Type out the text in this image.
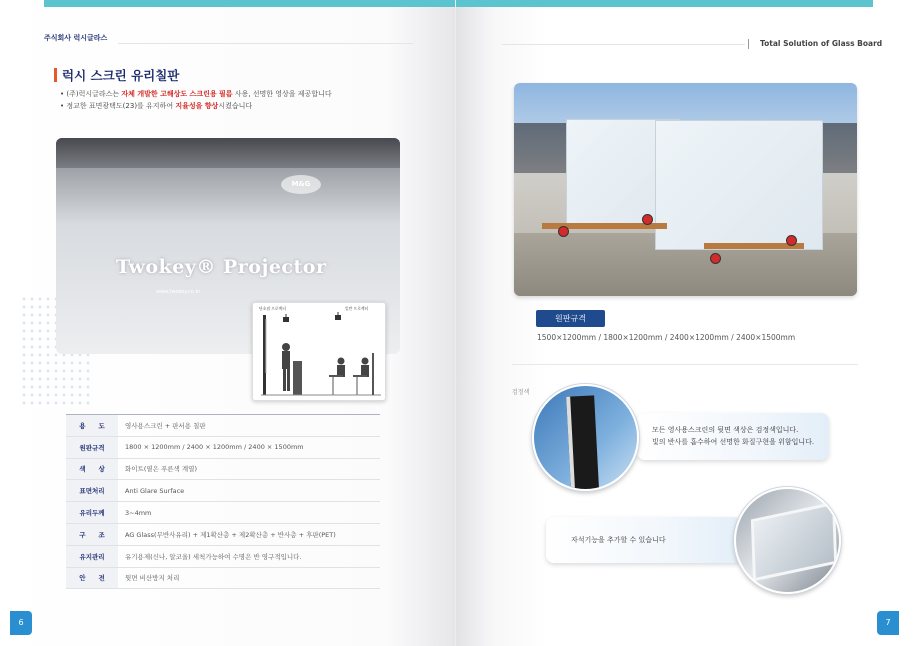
주식회사 럭시글라스
럭시 스크린 유리칠판
• (주)럭시글라스는 자체 개발한 고해상도 스크린용 필름 사용, 선명한 영상을 제공합니다
• 정교한 표면광택도(23)를 유지하여 지율성을 향상시켰습니다
M&G
Twokey® Projector
www.twokey.co.kr
단초점 프로젝터	일반 프로젝터
용　　도	영사용스크린 + 판서용 칠판
원판규격	1800 × 1200mm / 2400 × 1200mm / 2400 × 1500mm
색　　상	화이트(옅은 푸른색 계열)
표면처리	Anti Glare Surface
유리두께	3~4mm
구　　조	AG Glass(무반사유리) + 제1확산층 + 제2확산층 + 반사층 + 후판(PET)
유지관리	유기용제(신나, 알코올) 세척가능하여 수명은 반 영구적입니다.
안　　전	뒷면 비산방지 처리
6
Total Solution of Glass Board
원판규격
1500×1200mm / 1800×1200mm / 2400×1200mm / 2400×1500mm
검정색
모든 영사용스크린의 뒷면 색상은 검정색입니다.
빛의 반사를 흡수하여 선명한 화질구현을 위함입니다.
자석기능을 추가할 수 있습니다
7
